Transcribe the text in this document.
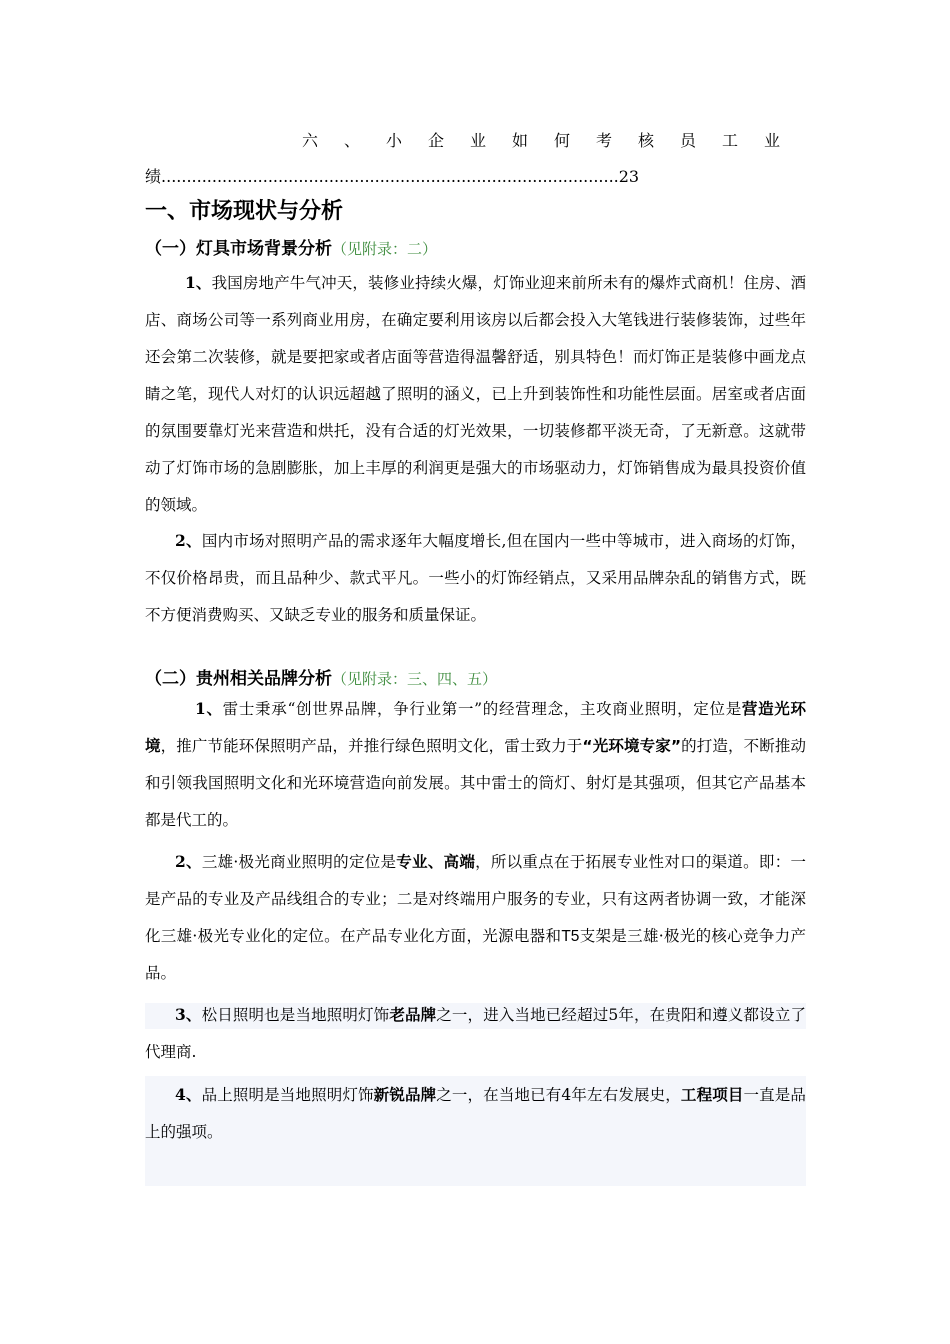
六、小企业如何考核员工业
绩..........................................................................................23
一、市场现状与分析
（一）灯具市场背景分析（见附录：二）
1、我国房地产牛气冲天，装修业持续火爆，灯饰业迎来前所未有的爆炸式商机！住房、酒店、商场公司等一系列商业用房，在确定要利用该房以后都会投入大笔钱进行装修装饰，过些年还会第二次装修，就是要把家或者店面等营造得温馨舒适，别具特色！而灯饰正是装修中画龙点睛之笔，现代人对灯的认识远超越了照明的涵义，已上升到装饰性和功能性层面。居室或者店面的氛围要靠灯光来营造和烘托，没有合适的灯光效果，一切装修都平淡无奇，了无新意。这就带动了灯饰市场的急剧膨胀，加上丰厚的利润更是强大的市场驱动力，灯饰销售成为最具投资价值的领域。
2、国内市场对照明产品的需求逐年大幅度增长,但在国内一些中等城市，进入商场的灯饰，不仅价格昂贵，而且品种少、款式平凡。一些小的灯饰经销点，又采用品牌杂乱的销售方式，既不方便消费购买、又缺乏专业的服务和质量保证。
（二）贵州相关品牌分析（见附录：三、四、五）
1、雷士秉承“创世界品牌，争行业第一”的经营理念，主攻商业照明，定位是营造光环境，推广节能环保照明产品，并推行绿色照明文化，雷士致力于“光环境专家”的打造，不断推动和引领我国照明文化和光环境营造向前发展。其中雷士的筒灯、射灯是其强项，但其它产品基本都是代工的。
2、三雄·极光商业照明的定位是专业、高端，所以重点在于拓展专业性对口的渠道。即：一是产品的专业及产品线组合的专业；二是对终端用户服务的专业，只有这两者协调一致，才能深化三雄·极光专业化的定位。在产品专业化方面，光源电器和T5支架是三雄·极光的核心竞争力产品。
3、松日照明也是当地照明灯饰老品牌之一，进入当地已经超过5年，在贵阳和遵义都设立了代理商.
4、品上照明是当地照明灯饰新锐品牌之一，在当地已有4年左右发展史，工程项目一直是品上的强项。
